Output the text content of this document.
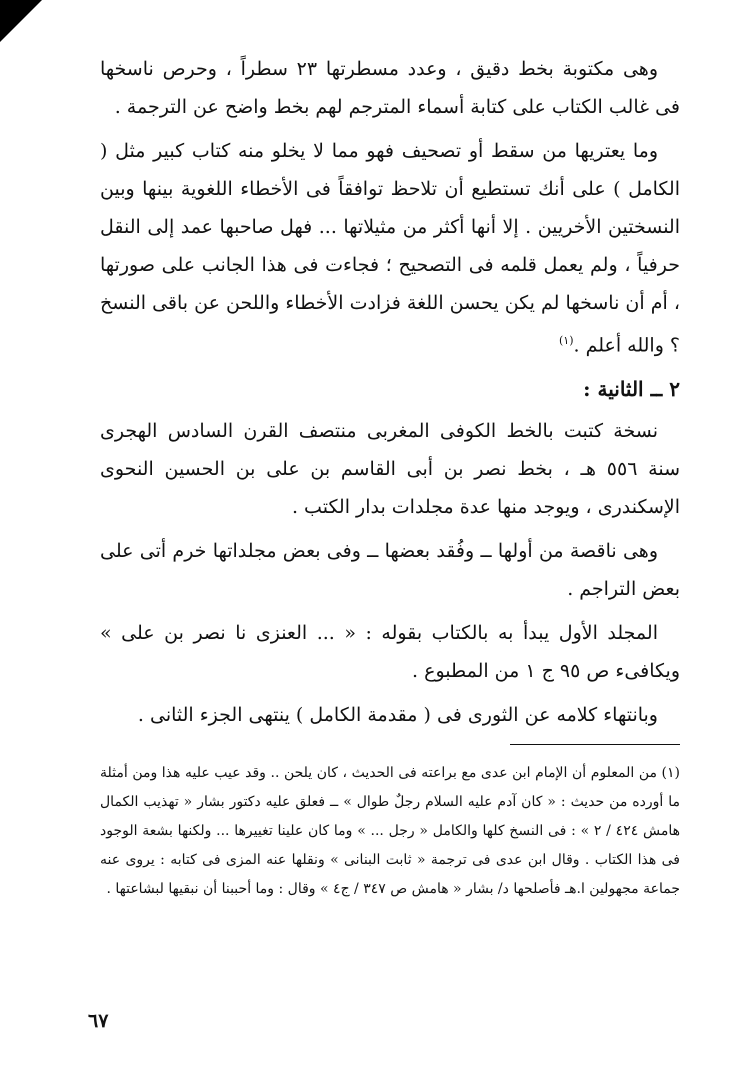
وهى مكتوبة بخط دقيق ، وعدد مسطرتها ٢٣ سطراً ، وحرص ناسخها فى غالب الكتاب على كتابة أسماء المترجم لهم بخط واضح عن الترجمة .

وما يعتريها من سقط أو تصحيف فهو مما لا يخلو منه كتاب كبير مثل ( الكامل ) على أنك تستطيع أن تلاحظ توافقاً فى الأخطاء اللغوية بينها وبين النسختين الأخريين . إلا أنها أكثر من مثيلاتها ... فهل صاحبها عمد إلى النقل حرفياً ، ولم يعمل قلمه فى التصحيح ؛ فجاءت فى هذا الجانب على صورتها ، أم أن ناسخها لم يكن يحسن اللغة فزادت الأخطاء واللحن عن باقى النسخ ؟ والله أعلم .$^{(١)}$

٢ ــ الثانية :

نسخة كتبت بالخط الكوفى المغربى منتصف القرن السادس الهجرى سنة ٥٥٦ هـ ، بخط نصر بن أبى القاسم بن على بن الحسين النحوى الإسكندرى ، ويوجد منها عدة مجلدات بدار الكتب .

وهى ناقصة من أولها ــ وفُقد بعضها ــ وفى بعض مجلداتها خرم أتى على بعض التراجم .

المجلد الأول يبدأ به بالكتاب بقوله : « ... العنزى نا نصر بن على » ويكافىء ص ٩٥ ج ١ من المطبوع .

وبانتهاء كلامه عن الثورى فى ( مقدمة الكامل ) ينتهى الجزء الثانى .

(١) من المعلوم أن الإمام ابن عدى مع براعته فى الحديث ، كان يلحن .. وقد عيب عليه هذا ومن أمثلة ما أورده من حديث : « كان آدم عليه السلام رجلٌ طوال » ــ فعلق عليه دكتور بشار « تهذيب الكمال هامش ٤٢٤ / ٢ » : فى النسخ كلها والكامل « رجل ... » وما كان علينا تغييرها ... ولكنها بشعة الوجود فى هذا الكتاب . وقال ابن عدى فى ترجمة « ثابت البنانى » ونقلها عنه المزى فى كتابه : يروى عنه جماعة مجهولين ا.هـ فأصلحها د/ بشار « هامش ص ٣٤٧ / ج٤ » وقال : وما أحببنا أن نبقيها لبشاعتها .

٦٧
